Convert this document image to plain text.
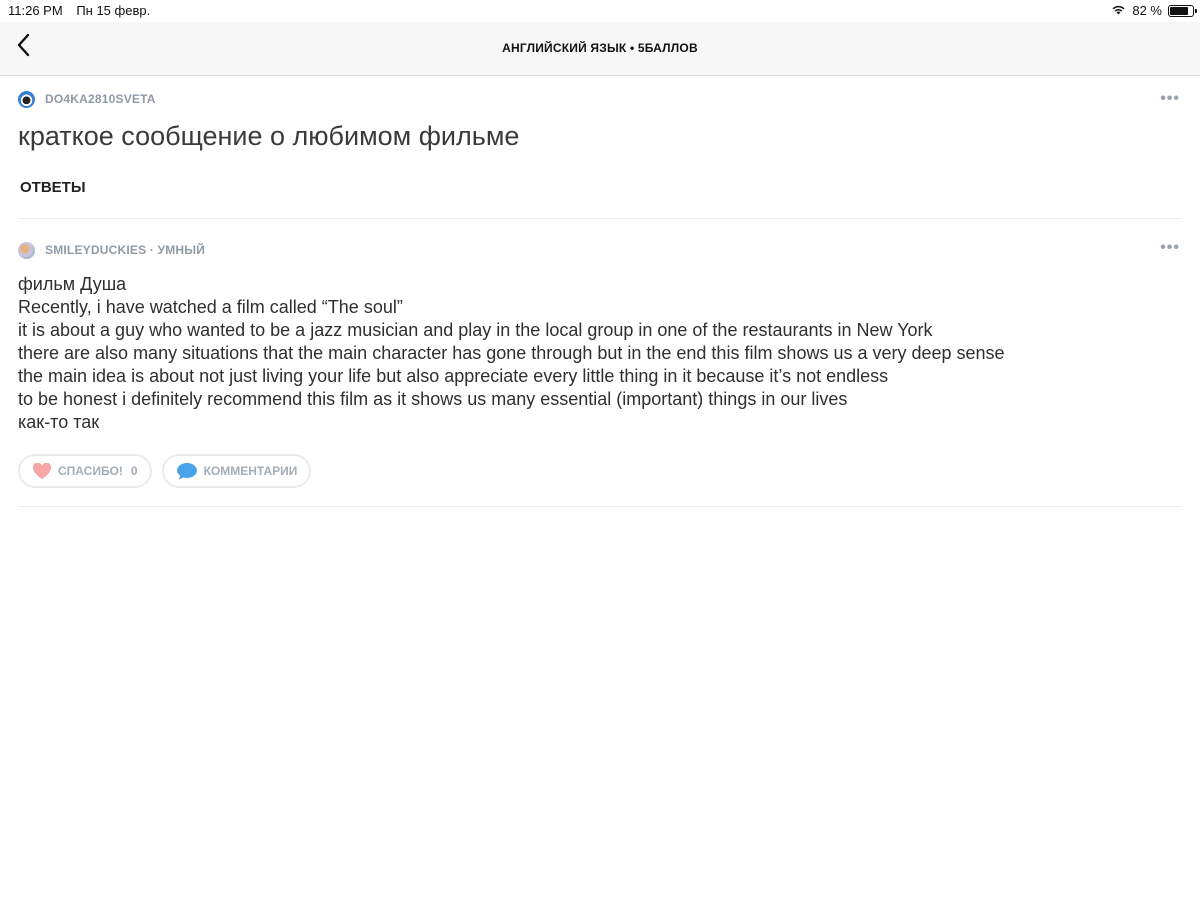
11:26 PM Пн 15 февр.	82 %
АНГЛИЙСКИЙ ЯЗЫК • 5БАЛЛОВ
DO4KA2810SVETA	•••
краткое сообщение о любимом фильме
ОТВЕТЫ
SMILEYDUCKIES · УМНЫЙ	•••
фильм Душа
Recently, i have watched a film called “The soul”
it is about a guy who wanted to be a jazz musician and play in the local group in one of the restaurants in New York
there are also many situations that the main character has gone through but in the end this film shows us a very deep sense
the main idea is about not just living your life but also appreciate every little thing in it because it’s not endless
to be honest i definitely recommend this film as it shows us many essential (important) things in our lives
как-то так
СПАСИБО! 0	КОММЕНТАРИИ
